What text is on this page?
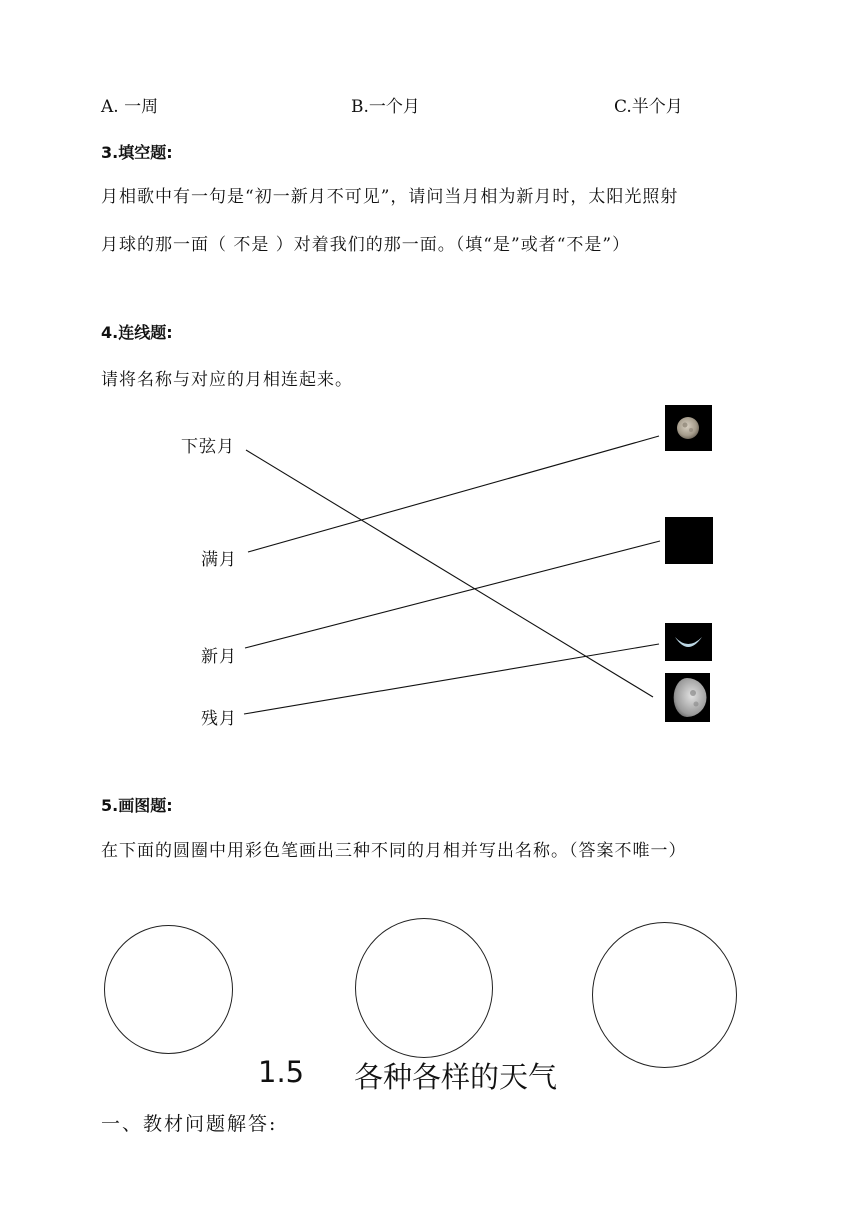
A. 一周	B.一个月	C.半个月
3.填空题:
月相歌中有一句是“初一新月不可见”，请问当月相为新月时，太阳光照射
月球的那一面（ 不是 ）对着我们的那一面。（填“是”或者“不是”）
4.连线题:
请将名称与对应的月相连起来。
下弦月
满月
新月
残月
5.画图题:
在下面的圆圈中用彩色笔画出三种不同的月相并写出名称。（答案不唯一）
1.5 各种各样的天气
一、教材问题解答:
